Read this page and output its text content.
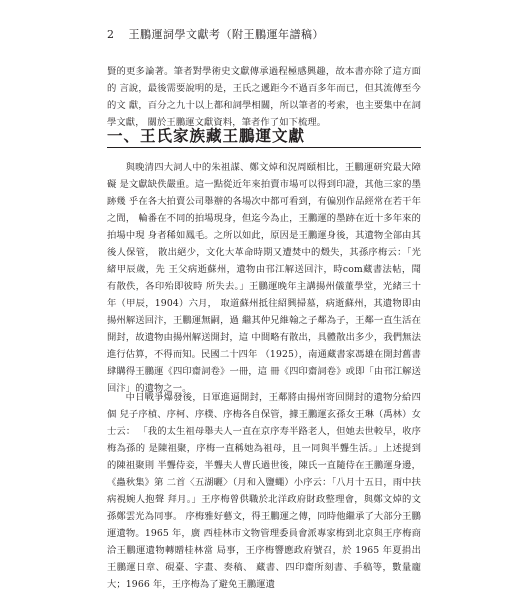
2 王鵬運詞學文獻考（附王鵬運年譜稿）

賢的更多論著。筆者對學術史文獻傳承過程極感興趣，故本書亦除了這方面的 言說，最後需要說明的是，王氏之遞距今不過百多年而已，但其流傳至今的文 獻，百分之九十以上都和詞學相關，所以筆者的考索，也主要集中在詞學文獻， 關於王鵬運文獻資料，筆者作了如下梳理。

一、王氏家族藏王鵬運文獻

與晚清四大詞人中的朱祖謀、鄭文焯和況周頤相比，王鵬運研究最大障礙 是文獻缺佚嚴重。這一點從近年來拍賣市場可以得到印證，其他三家的墨跡幾 乎在各大拍賣公司舉辦的各場次中都可看到，有偏別作品經常在若干年之間， 輪番在不同的拍場現身，但迄今為止，王鵬運的墨跡在近十多年來的拍場中現 身者稀如鳳毛。之所以如此，原因是王鵬運身後，其遺物全部由其後人保管， 散出絕少，文化大革命時期又遭焚中的燬失，其孫序梅云：「光緒甲辰歲，先 王父病逝蘇州，遺物由邗江解送回汴，時com藏書法帖，聞有散佚，各印殆即彼時 所失去。」王鵬運晚年主講揚州儀董學堂，光緒三十年（甲辰，1904）六月， 取道蘇州抵往紹興掃墓，病逝蘇州，其遺物即由揚州解送回汴，王鵬運無嗣，過 繼其仲兄維翰之子鄰為子，王鄰一直生活在開封，故遺物由揚州解送開封，這 中間略有散出，具體散出多少，我們無法進行估算，不得而知。民國二十四年 （1925），南通藏書家馮雄在開封舊書肆購得王鵬運《四印齋詞卷》一冊，這 冊《四印齋詞卷》或即「由邗江解送回汴」的遺物之一。

中日戰爭爆發後，日軍進逼開封，王鄰將由揚州寄回開封的遺物分給四個 兒子序楨、序柯、序樸、序梅各自保管，據王鵬運玄孫女王琳（禹林）女士云： 「我的太生祖母舉夫人一直在京序寿半路老人，但她去世較早，收序梅為孫的 是陳祖聚，序梅一直稱她為祖母，且一同與半聾生活。」上述提到的陳祖聚則 半聾侍妾，半聾夫人曹氏過世後，陳氏一直隨侍在王鵬運身邊，《蟲秋集》第 二首〈五湖曬〉（月和入鹽蠅）小序云：「八月十五日，雨中扶病視婉人抱聲 拜月。」王序梅曾供職於北洋政府財政整理會，與鄭文焯的文孫鄭雲光為同事。 序梅雅好藝文，得王鵬運之傳，同時他繼承了大部分王鵬運遺物。1965 年，廣 西桂林市文物管理委員會派專家梅到北京與王序梅商洽王鵬運遺物轉贈桂林當 局事，王序梅響應政府號召，於 1965 年夏捐出王鵬運日章、硯臺、字畫、奏稿、 藏書、四印齋所刻書、手稿等，數量龐大；1966 年，王序梅為了避免王鵬運遺
